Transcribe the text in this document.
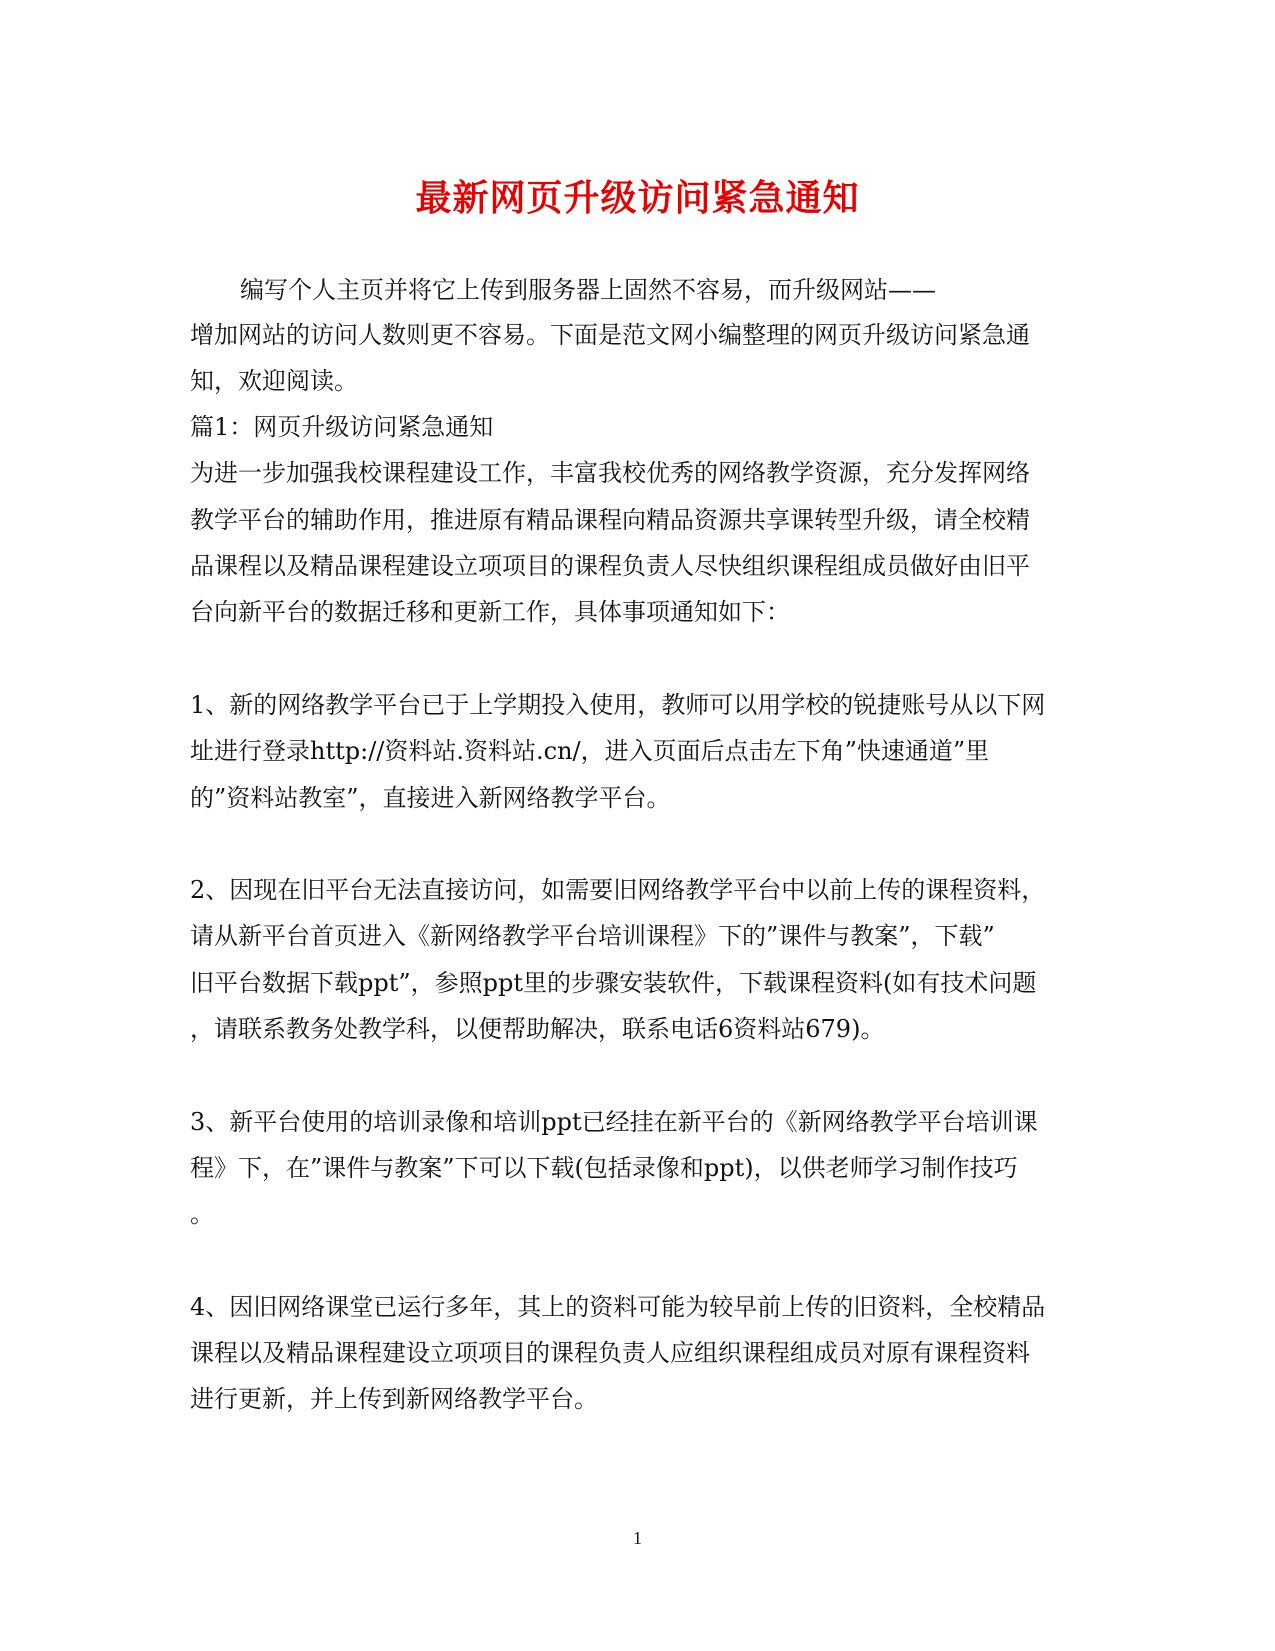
最新网页升级访问紧急通知
编写个人主页并将它上传到服务器上固然不容易，而升级网站——
增加网站的访问人数则更不容易。下面是范文网小编整理的网页升级访问紧急通
知，欢迎阅读。
篇1：网页升级访问紧急通知
为进一步加强我校课程建设工作，丰富我校优秀的网络教学资源，充分发挥网络
教学平台的辅助作用，推进原有精品课程向精品资源共享课转型升级，请全校精
品课程以及精品课程建设立项项目的课程负责人尽快组织课程组成员做好由旧平
台向新平台的数据迁移和更新工作，具体事项通知如下：
1、新的网络教学平台已于上学期投入使用，教师可以用学校的锐捷账号从以下网
址进行登录http://资料站.资料站.cn/，进入页面后点击左下角”快速通道”里
的”资料站教室”，直接进入新网络教学平台。
2、因现在旧平台无法直接访问，如需要旧网络教学平台中以前上传的课程资料，
请从新平台首页进入《新网络教学平台培训课程》下的”课件与教案”，下载”
旧平台数据下载ppt”，参照ppt里的步骤安装软件，下载课程资料(如有技术问题
，请联系教务处教学科，以便帮助解决，联系电话6资料站679)。
3、新平台使用的培训录像和培训ppt已经挂在新平台的《新网络教学平台培训课
程》下，在”课件与教案”下可以下载(包括录像和ppt)，以供老师学习制作技巧
。
4、因旧网络课堂已运行多年，其上的资料可能为较早前上传的旧资料，全校精品
课程以及精品课程建设立项项目的课程负责人应组织课程组成员对原有课程资料
进行更新，并上传到新网络教学平台。
1
